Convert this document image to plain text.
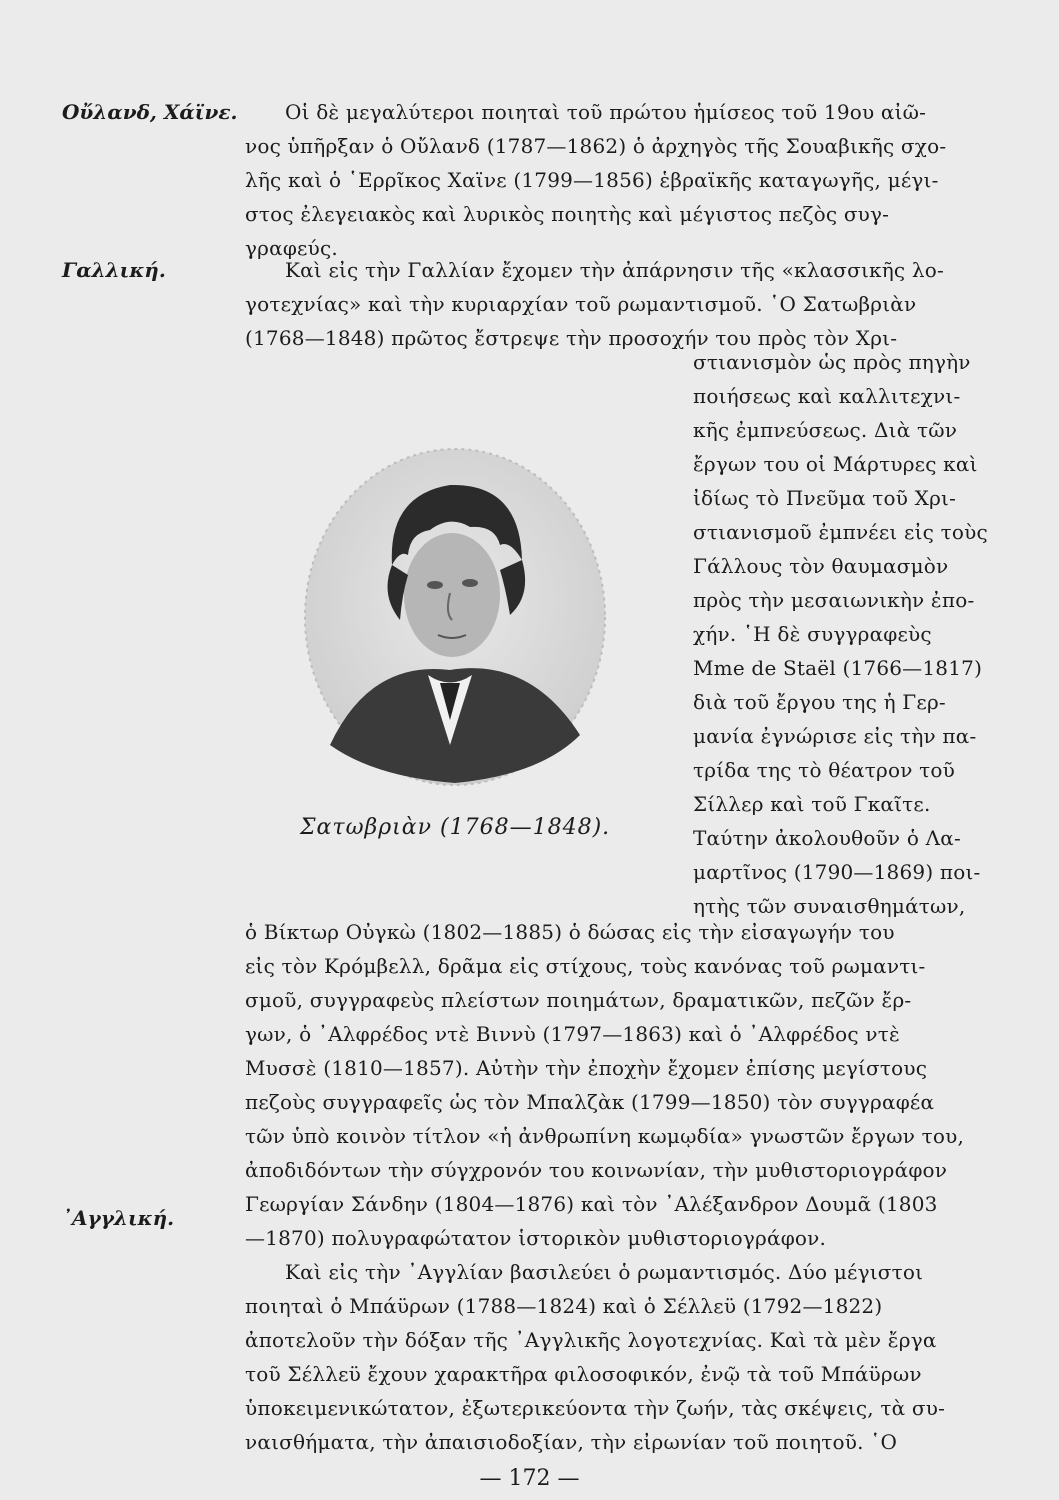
Οὔλανδ, Χάϊνε.
Γαλλική.
᾿Αγγλική.
Οἱ δὲ μεγαλύτεροι ποιηταὶ τοῦ πρώτου ἡμίσεος τοῦ 19ου αἰῶ-
νος ὑπῆρξαν ὁ Οὔλανδ (1787—1862) ὁ ἀρχηγὸς τῆς Σουαβικῆς σχο-
λῆς καὶ ὁ ῾Ερρῖκος Χαϊνε (1799—1856) ἑβραϊκῆς καταγωγῆς, μέγι-
στος ἐλεγειακὸς καὶ λυρικὸς ποιητὴς καὶ μέγιστος πεζὸς συγ-
γραφεύς.
Καὶ εἰς τὴν Γαλλίαν ἔχομεν τὴν ἀπάρνησιν τῆς «κλασσικῆς λο-
γοτεχνίας» καὶ τὴν κυριαρχίαν τοῦ ρωμαντισμοῦ. ῾Ο Σατωβριὰν
(1768—1848) πρῶτος ἔστρεψε τὴν προσοχήν του πρὸς τὸν Χρι-
Σατωβριὰν (1768—1848).
στιανισμὸν ὡς πρὸς πηγὴν
ποιήσεως καὶ καλλιτεχνι-
κῆς ἐμπνεύσεως. Διὰ τῶν
ἔργων του οἱ Μάρτυρες καὶ
ἰδίως τὸ Πνεῦμα τοῦ Χρι-
στιανισμοῦ ἐμπνέει εἰς τοὺς
Γάλλους τὸν θαυμασμὸν
πρὸς τὴν μεσαιωνικὴν ἐπο-
χήν. ῾Η δὲ συγγραφεὺς
Mme de Staël (1766—1817)
διὰ τοῦ ἔργου της ἡ Γερ-
μανία ἐγνώρισε εἰς τὴν πα-
τρίδα της τὸ θέατρον τοῦ
Σίλλερ καὶ τοῦ Γκαῖτε.
Ταύτην ἀκολουθοῦν ὁ Λα-
μαρτῖνος (1790—1869) ποι-
ητὴς τῶν συναισθημάτων,
ὁ Βίκτωρ Οὐγκὼ (1802—1885) ὁ δώσας εἰς τὴν εἰσαγωγήν του
εἰς τὸν Κρόμβελλ, δρᾶμα εἰς στίχους, τοὺς κανόνας τοῦ ρωμαντι-
σμοῦ, συγγραφεὺς πλείστων ποιημάτων, δραματικῶν, πεζῶν ἔρ-
γων, ὁ ᾿Αλφρέδος ντὲ Βιννὺ (1797—1863) καὶ ὁ ᾿Αλφρέδος ντὲ
Μυσσὲ (1810—1857). Αὐτὴν τὴν ἐποχὴν ἔχομεν ἐπίσης μεγίστους
πεζοὺς συγγραφεῖς ὡς τὸν Μπαλζὰκ (1799—1850) τὸν συγγραφέα
τῶν ὑπὸ κοινὸν τίτλον «ἡ ἀνθρωπίνη κωμῳδία» γνωστῶν ἔργων του,
ἀποδιδόντων τὴν σύγχρονόν του κοινωνίαν, τὴν μυθιστοριογράφον
Γεωργίαν Σάνδην (1804—1876) καὶ τὸν ᾿Αλέξανδρον Δουμᾶ (1803
—1870) πολυγραφώτατον ἱστορικὸν μυθιστοριογράφον.
Καὶ εἰς τὴν ᾿Αγγλίαν βασιλεύει ὁ ρωμαντισμός. Δύο μέγιστοι
ποιηταὶ ὁ Μπάϋρων (1788—1824) καὶ ὁ Σέλλεϋ (1792—1822)
ἀποτελοῦν τὴν δόξαν τῆς ᾿Αγγλικῆς λογοτεχνίας. Καὶ τὰ μὲν ἔργα
τοῦ Σέλλεϋ ἔχουν χαρακτῆρα φιλοσοφικόν, ἐνῷ τὰ τοῦ Μπάϋρων
ὑποκειμενικώτατον, ἐξωτερικεύοντα τὴν ζωήν, τὰς σκέψεις, τὰ συ-
ναισθήματα, τὴν ἀπαισιοδοξίαν, τὴν εἰρωνίαν τοῦ ποιητοῦ. ῾Ο
— 172 —
